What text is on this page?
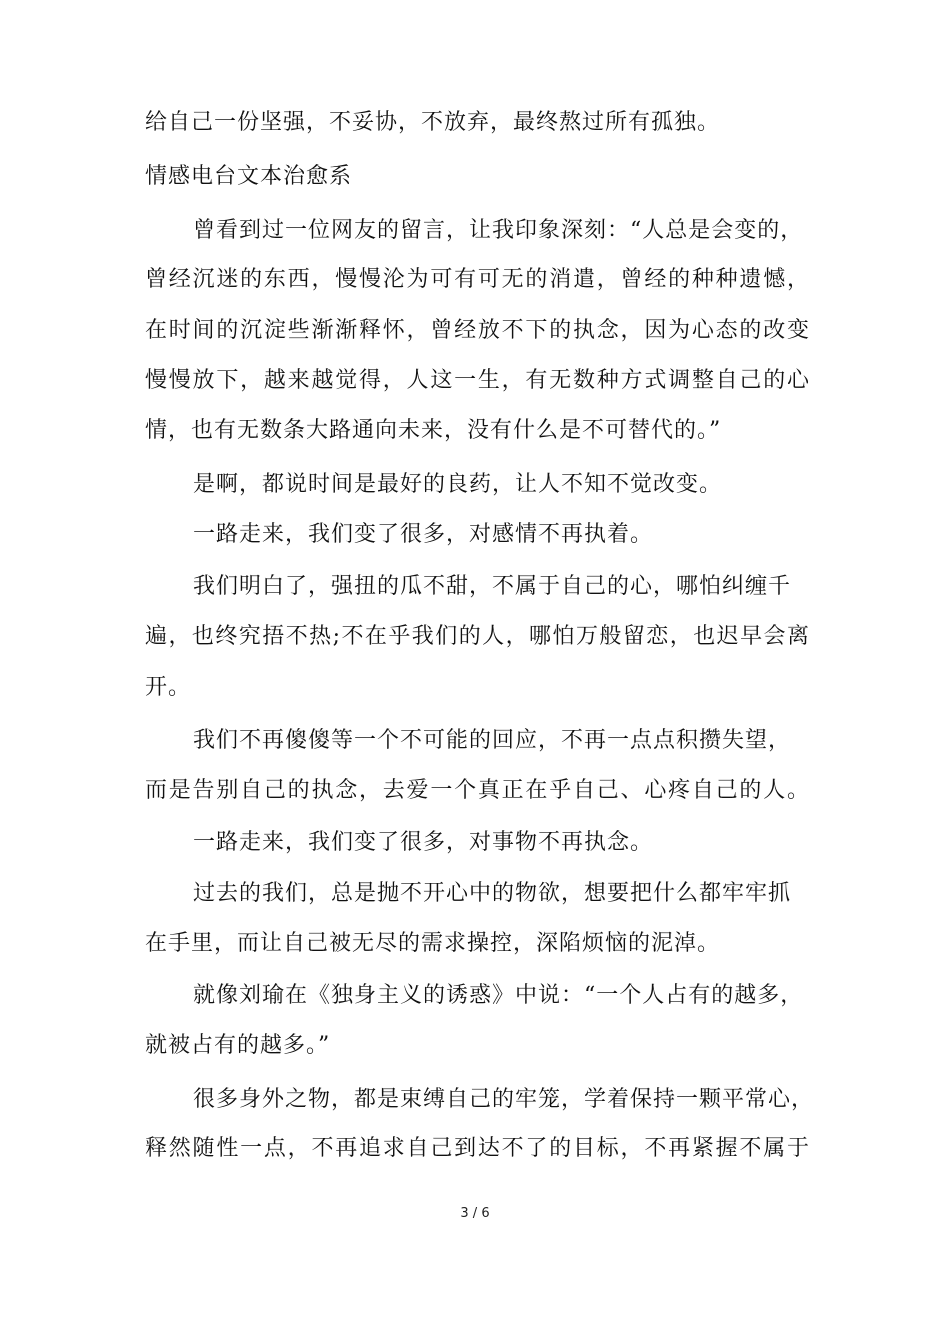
给自己一份坚强，不妥协，不放弃，最终熬过所有孤独。
情感电台文本治愈系
曾看到过一位网友的留言，让我印象深刻：“人总是会变的，
曾经沉迷的东西，慢慢沦为可有可无的消遣，曾经的种种遗憾，
在时间的沉淀些渐渐释怀，曾经放不下的执念，因为心态的改变
慢慢放下，越来越觉得，人这一生，有无数种方式调整自己的心
情，也有无数条大路通向未来，没有什么是不可替代的。”
是啊，都说时间是最好的良药，让人不知不觉改变。
一路走来，我们变了很多，对感情不再执着。
我们明白了，强扭的瓜不甜，不属于自己的心，哪怕纠缠千
遍，也终究捂不热;不在乎我们的人，哪怕万般留恋，也迟早会离
开。
我们不再傻傻等一个不可能的回应，不再一点点积攒失望，
而是告别自己的执念，去爱一个真正在乎自己、心疼自己的人。
一路走来，我们变了很多，对事物不再执念。
过去的我们，总是抛不开心中的物欲，想要把什么都牢牢抓
在手里，而让自己被无尽的需求操控，深陷烦恼的泥淖。
就像刘瑜在《独身主义的诱惑》中说：“一个人占有的越多，
就被占有的越多。”
很多身外之物，都是束缚自己的牢笼，学着保持一颗平常心，
释然随性一点，不再追求自己到达不了的目标，不再紧握不属于
3 / 6
